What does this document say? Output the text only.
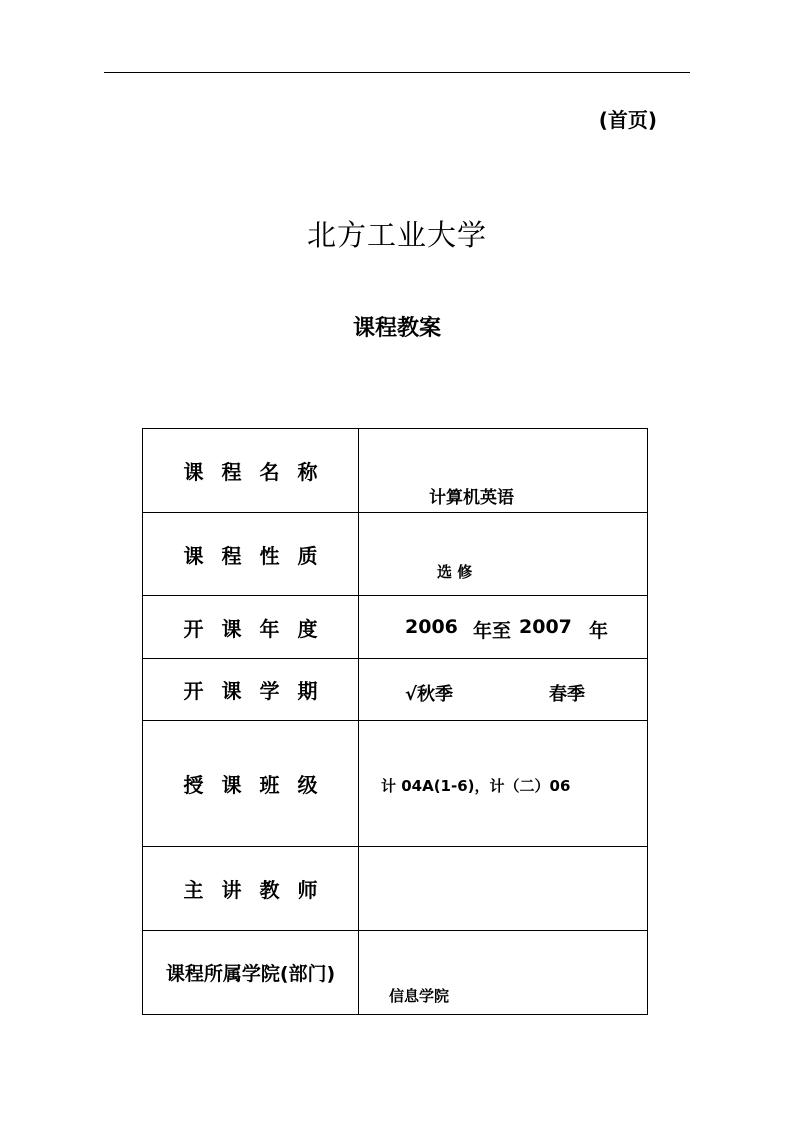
(首页)
北方工业大学
课程教案
课程名称	计算机英语

课程性质	选 修

开课年度	2006 年至 2007 年

开课学期	√秋季 春季

授课班级	计 04A(1-6)，计（二）06

主讲教师	

课程所属学院(部门)	信息学院
